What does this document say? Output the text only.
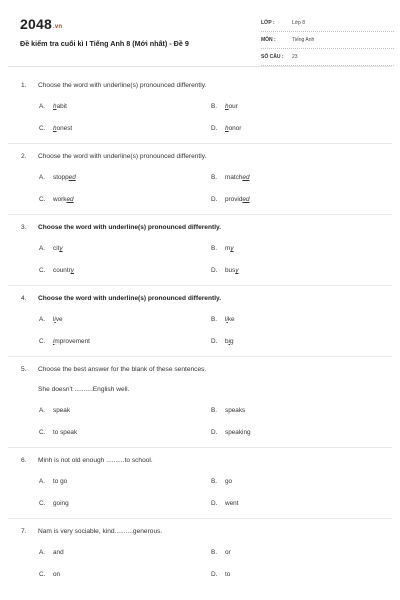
2048.vn
Đề kiểm tra cuối kì I Tiếng Anh 8 (Mới nhất) - Đề 9
LỚP :	Lớp 8
MÔN :	Tiếng Anh
SỐ CÂU :	23
1. Choose the word with underline(s) pronounced differently.
A. habit	B. hour
C. honest	D. honor
2. Choose the word with underline(s) pronounced differently.
A. stopped	B. matched
C. worked	D. provided
3. Choose the word with underline(s) pronounced differently.
A. city	B. my
C. country	D. busy
4. Choose the word with underline(s) pronounced differently.
A. live	B. like
C. improvement	D. big
5. Choose the best answer for the blank of these sentences.
She doesn't ..........English well.
A. speak	B. speaks
C. to speak	D. speaking
6. Minh is not old enough ..........to school.
A. to go	B. go
C. going	D. went
7. Nam is very sociable, kind..........generous.
A. and	B. or
C. on	D. to
